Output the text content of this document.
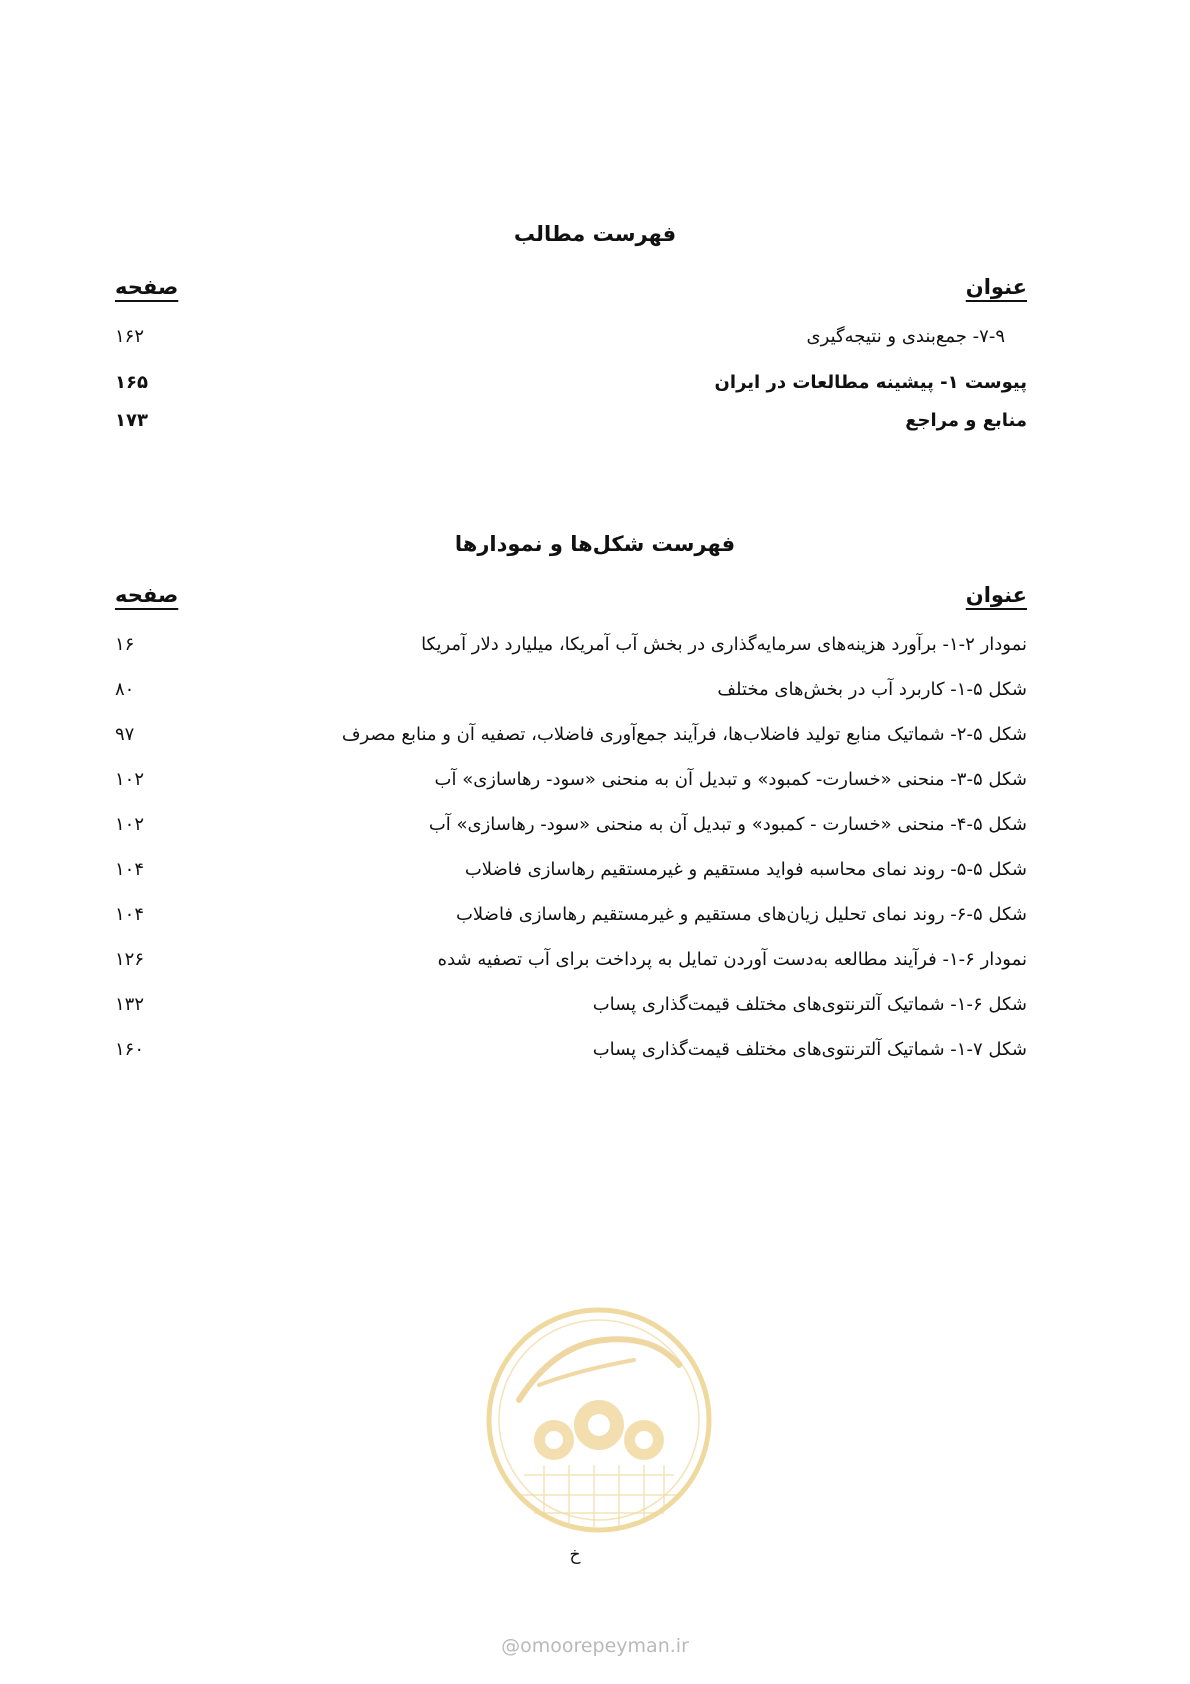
فهرست مطالب
عنوان
صفحه
۷-۹- جمع‌بندی و نتیجه‌گیری
۱۶۲
پیوست ۱- پیشینه مطالعات در ایران
۱۶۵
منابع و مراجع
۱۷۳
فهرست شکل‌ها و نمودارها
عنوان
صفحه
نمودار ۲-۱- برآورد هزینه‌های سرمایه‌گذاری در بخش آب آمریکا، میلیارد دلار آمریکا
۱۶
شکل ۵-۱- کاربرد آب در بخش‌های مختلف
۸۰
شکل ۵-۲- شماتیک منابع تولید فاضلاب‌ها، فرآیند جمع‌آوری فاضلاب، تصفیه آن و منابع مصرف
۹۷
شکل ۵-۳- منحنی «خسارت- کمبود» و تبدیل آن به منحنی «سود- رهاسازی» آب
۱۰۲
شکل ۵-۴- منحنی «خسارت - کمبود» و تبدیل آن به منحنی «سود- رهاسازی» آب
۱۰۲
شکل ۵-۵- روند نمای محاسبه فواید مستقیم و غیرمستقیم رهاسازی فاضلاب
۱۰۴
شکل ۵-۶- روند نمای تحلیل زیان‌های مستقیم و غیرمستقیم رهاسازی فاضلاب
۱۰۴
نمودار ۶-۱- فرآیند مطالعه به‌دست آوردن تمایل به پرداخت برای آب تصفیه شده
۱۲۶
شکل ۶-۱- شماتیک آلترنتوی‌های مختلف قیمت‌گذاری پساب
۱۳۲
شکل ۷-۱- شماتیک آلترنتوی‌های مختلف قیمت‌گذاری پساب
۱۶۰
خ
@omoorepeyman.ir
